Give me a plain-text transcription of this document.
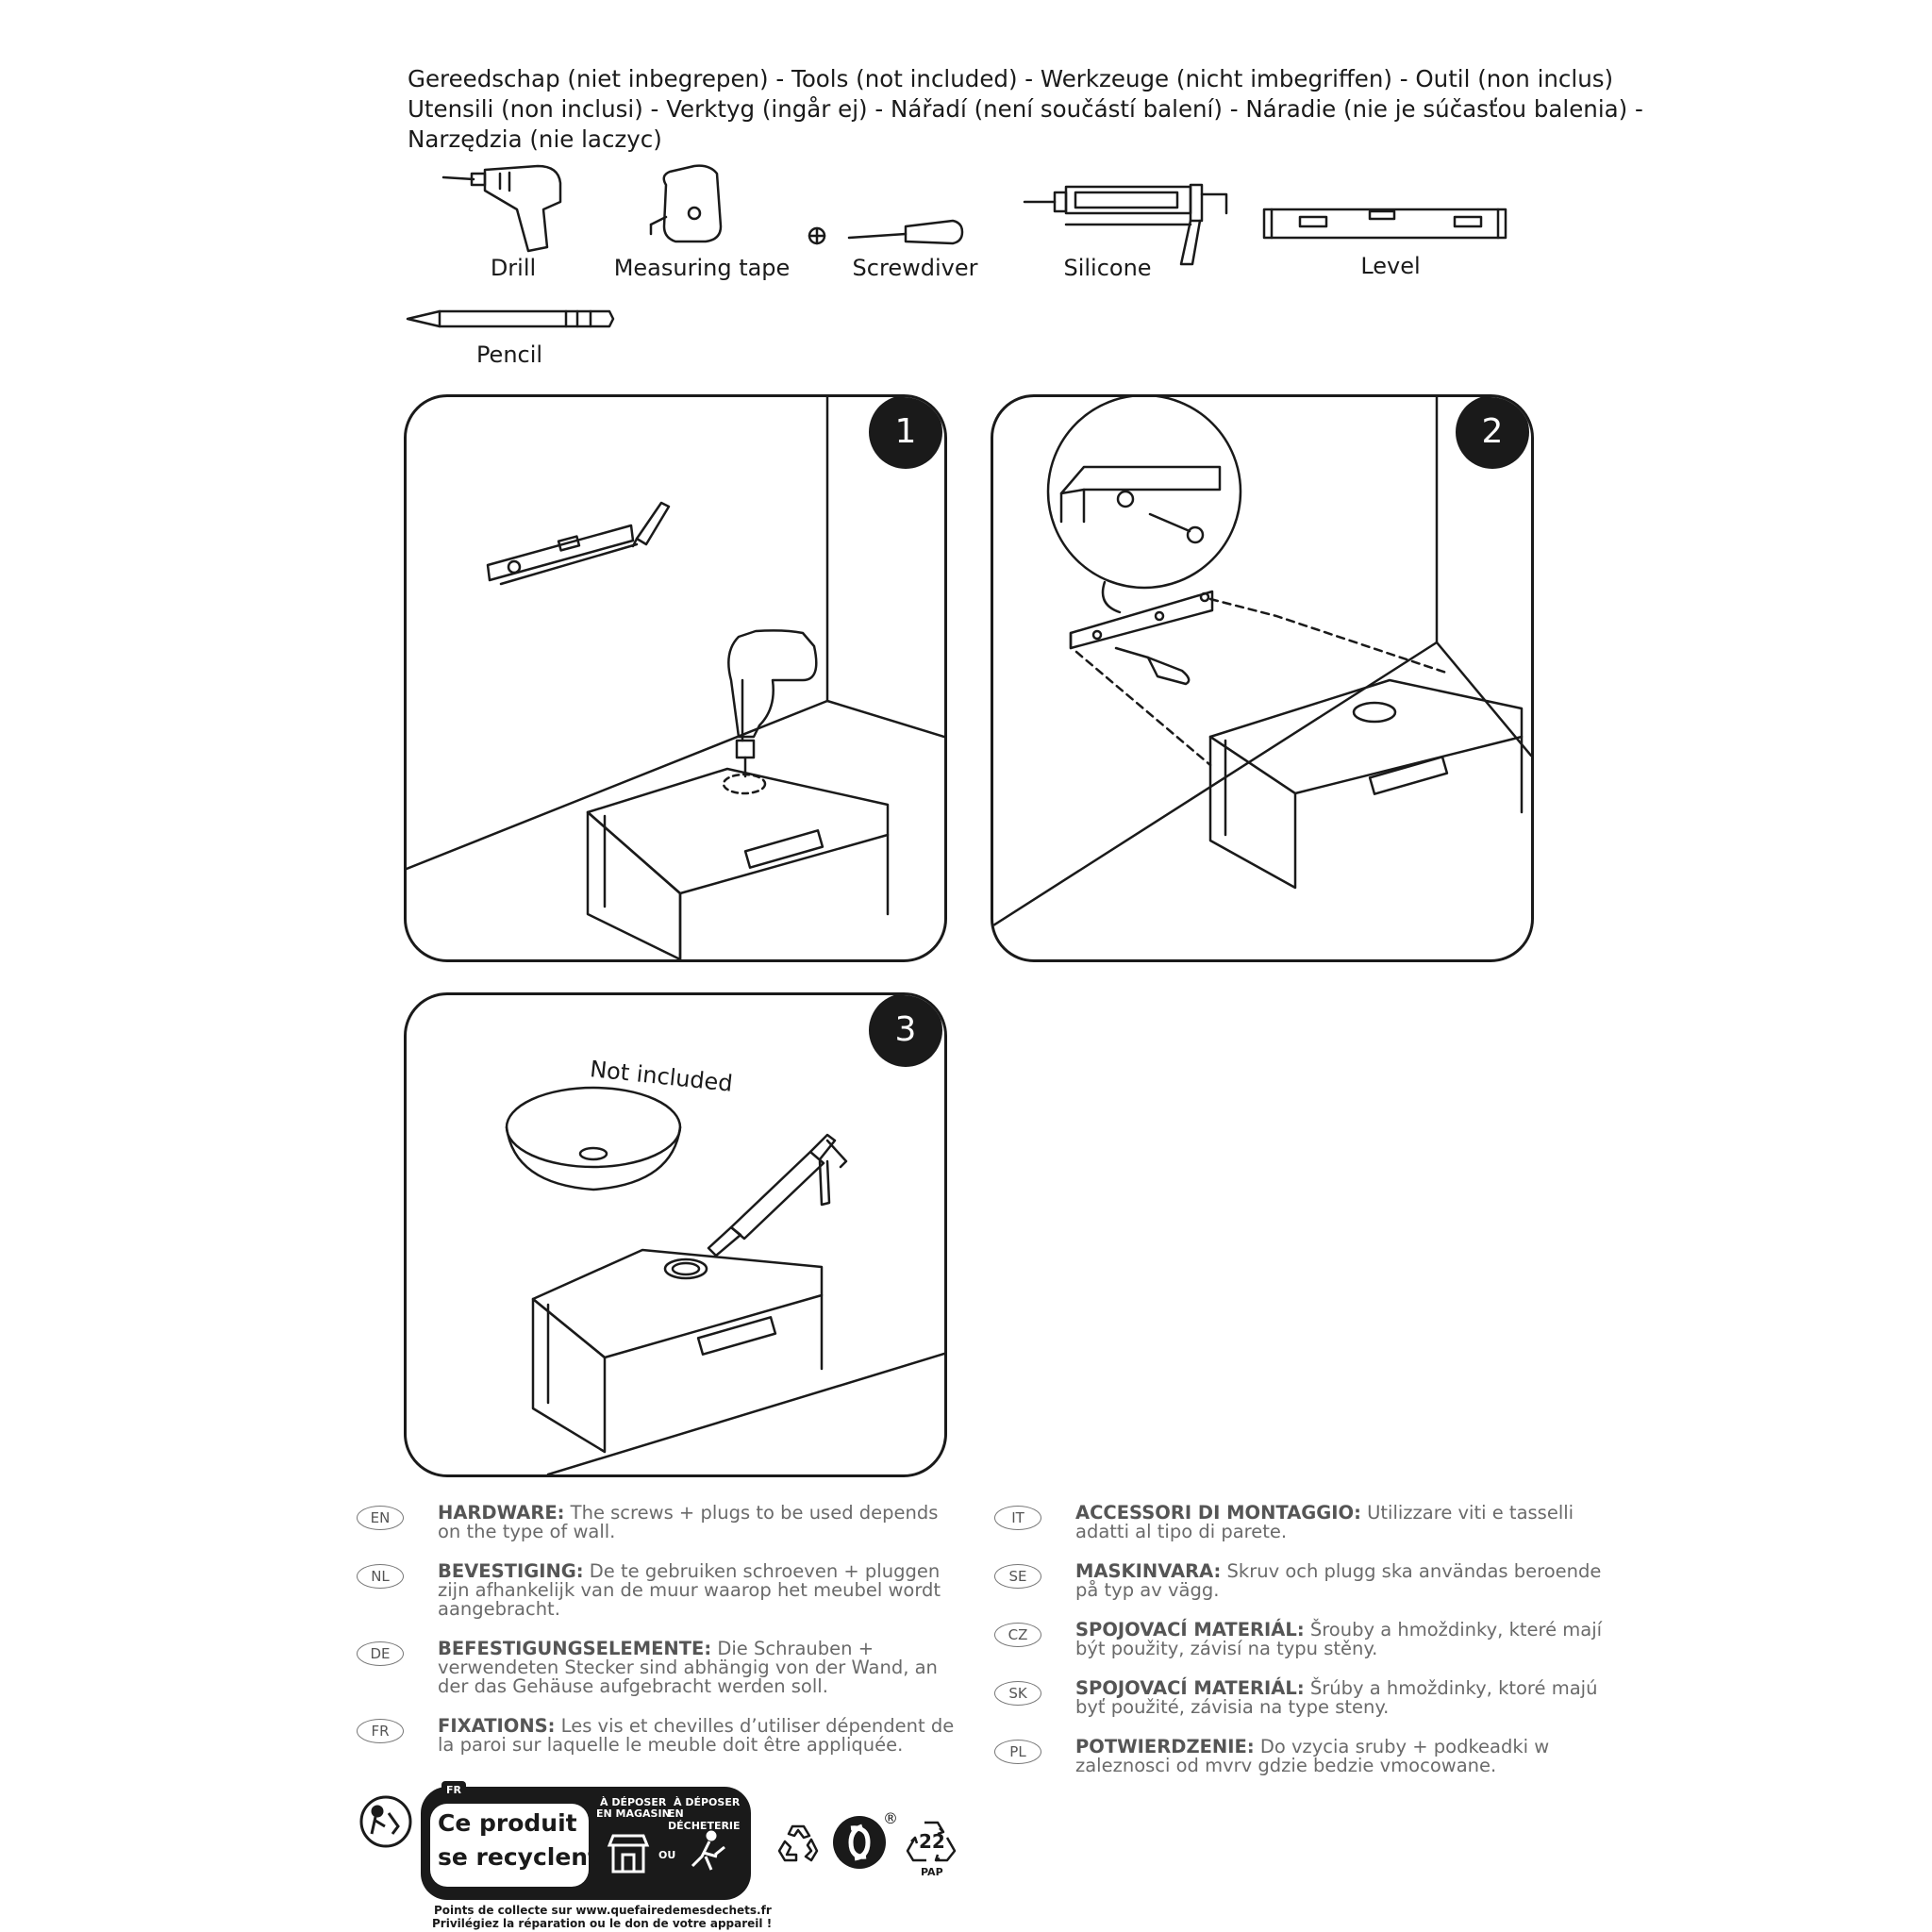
Gereedschap (niet inbegrepen) - Tools (not included) - Werkzeuge (nicht imbegriffen) - Outil (non inclus)
Utensili (non inclusi) - Verktyg (ingår ej) - Nářadí (není součástí balení) - Náradie (nie je súčasťou balenia) -
Narzędzia (nie laczyc)
Drill	Measuring tape	Screwdiver	Silicone	Level
Pencil
1	2
3
Not included
EN	HARDWARE: The screws + plugs to be used depends on the type of wall.
NL	BEVESTIGING: De te gebruiken schroeven + pluggen zijn afhankelijk van de muur waarop het meubel wordt aangebracht.
DE	BEFESTIGUNGSELEMENTE: Die Schrauben + verwendeten Stecker sind abhängig von der Wand, an der das Gehäuse aufgebracht werden soll.
FR	FIXATIONS: Les vis et chevilles d’utiliser dépendent de la paroi sur laquelle le meuble doit être appliquée.
IT	ACCESSORI DI MONTAGGIO: Utilizzare viti e tasselli adatti al tipo di parete.
SE	MASKINVARA: Skruv och plugg ska användas beroende på typ av vägg.
CZ	SPOJOVACÍ MATERIÁL: Šrouby a hmoždinky, které mají být použity, závisí na typu stěny.
SK	SPOJOVACÍ MATERIÁL: Šrúby a hmoždinky, ktoré majú byť použité, závisia na type steny.
PL	POTWIERDZENIE: Do vzycia sruby + podkeadki w zaleznosci od mvrv gdzie bedzie vmocowane.
FR
Ce produit
se recyclent
À DÉPOSER
EN MAGASIN
À DÉPOSER
EN DÉCHETERIE
OU
Points de collecte sur www.quefairedemesdechets.fr
Privilégiez la réparation ou le don de votre appareil !
®
22
PAP
